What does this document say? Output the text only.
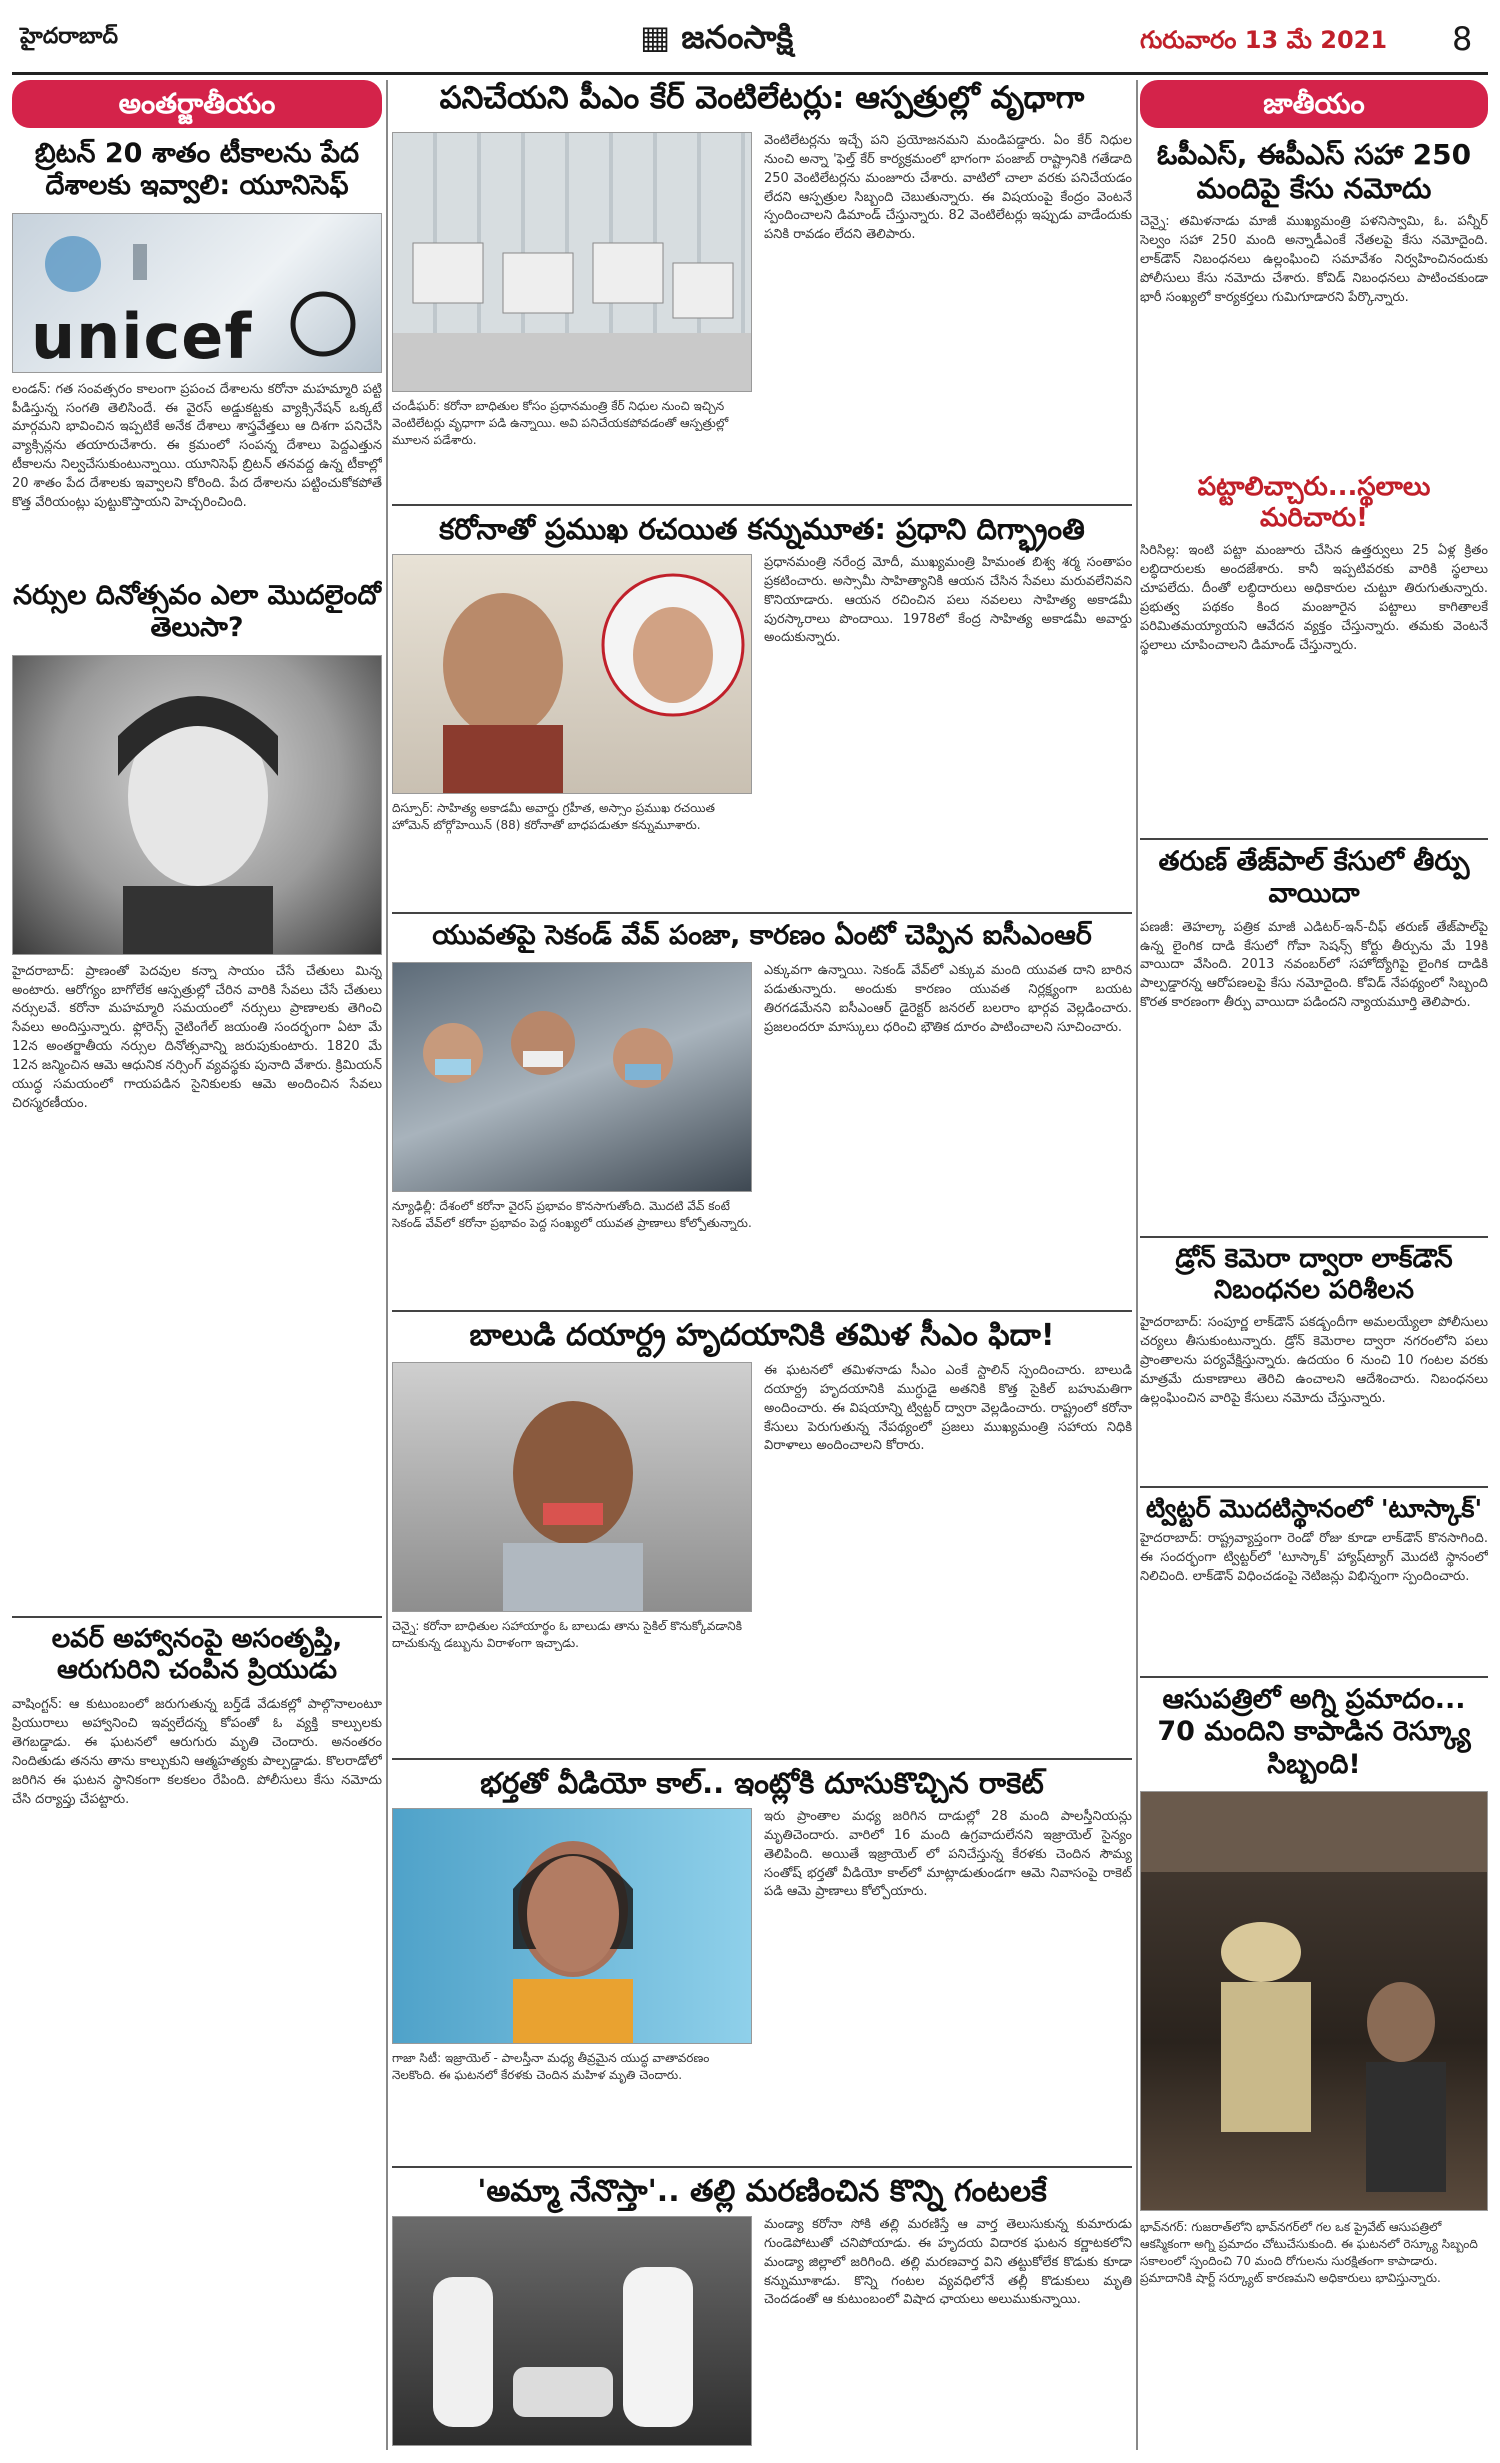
హైదరాబాద్	▦ జనంసాక్షి	గురువారం 13 మే 2021 8
అంతర్జాతీయం
బ్రిటన్ 20 శాతం టీకాలను పేద దేశాలకు ఇవ్వాలి: యూనిసెఫ్
unicef
లండన్‌: గత సంవత్సరం కాలంగా ప్రపంచ దేశాలను కరోనా మహమ్మారి పట్టి పీడిస్తున్న సంగతి తెలిసిందే. ఈ వైరస్‌ అడ్డుకట్టకు వ్యాక్సినేషన్‌ ఒక్కటే మార్గమని భావించిన ఇప్పటికే అనేక దేశాలు శాస్త్రవేత్తలు ఆ దిశగా పనిచేసి వ్యాక్సిన్లను తయారుచేశారు. ఈ క్రమంలో సంపన్న దేశాలు పెద్దఎత్తున టీకాలను నిల్వచేసుకుంటున్నాయి. యూనిసెఫ్‌ బ్రిటన్‌ తనవద్ద ఉన్న టీకాల్లో 20 శాతం పేద దేశాలకు ఇవ్వాలని కోరింది. పేద దేశాలను పట్టించుకోకపోతే కొత్త వేరియంట్లు పుట్టుకొస్తాయని హెచ్చరించింది.
నర్సుల దినోత్సవం ఎలా మొదలైందో తెలుసా?
హైదరాబాద్‌: ప్రాణంతో పెదవుల కన్నా సాయం చేసే చేతులు మిన్న అంటారు. ఆరోగ్యం బాగోలేక ఆస్పత్రుల్లో చేరిన వారికి సేవలు చేసే చేతులు నర్సులవే. కరోనా మహమ్మారి సమయంలో నర్సులు ప్రాణాలకు తెగించి సేవలు అందిస్తున్నారు. ఫ్లోరెన్స్‌ నైటింగేల్‌ జయంతి సందర్భంగా ఏటా మే 12న అంతర్జాతీయ నర్సుల దినోత్సవాన్ని జరుపుకుంటారు. 1820 మే 12న జన్మించిన ఆమె ఆధునిక నర్సింగ్‌ వ్యవస్థకు పునాది వేశారు. క్రిమియన్‌ యుద్ధ సమయంలో గాయపడిన సైనికులకు ఆమె అందించిన సేవలు చిరస్మరణీయం.
లవర్ అహ్వానంపై అసంతృప్తి, ఆరుగురిని చంపిన ప్రియుడు
వాషింగ్టన్‌: ఆ కుటుంబంలో జరుగుతున్న బర్త్‌డే వేడుకల్లో పాల్గొనాలంటూ ప్రియురాలు అహ్వానించి ఇవ్వలేదన్న కోపంతో ఓ వ్యక్తి కాల్పులకు తెగబడ్డాడు. ఈ ఘటనలో ఆరుగురు మృతి చెందారు. అనంతరం నిందితుడు తనను తాను కాల్చుకుని ఆత్మహత్యకు పాల్పడ్డాడు. కొలరాడోలో జరిగిన ఈ ఘటన స్థానికంగా కలకలం రేపింది. పోలీసులు కేసు నమోదు చేసి దర్యాప్తు చేపట్టారు.
పనిచేయని పీఎం కేర్ వెంటిలేటర్లు: ఆస్పత్రుల్లో వృధాగా
చండీఘర్‌: కరోనా బాధితుల కోసం ప్రధానమంత్రి కేర్ నిధుల నుంచి ఇచ్చిన వెంటిలేటర్లు వృధాగా పడి ఉన్నాయి. అవి పనిచేయకపోవడంతో ఆస్పత్రుల్లో మూలన పడేశారు.
వెంటిలేటర్లను ఇచ్చే పని ప్రయోజనమని మండిపడ్డారు. ఏం కేర్ నిధుల నుంచి అన్నా 'ఫెల్త్ కేర్ కార్యక్రమంలో భాగంగా పంజాబ్ రాష్ట్రానికి గతేడాది 250 వెంటిలేటర్లను మంజూరు చేశారు. వాటిలో చాలా వరకు పనిచేయడం లేదని ఆస్పత్రుల సిబ్బంది చెబుతున్నారు. ఈ విషయంపై కేంద్రం వెంటనే స్పందించాలని డిమాండ్‌ చేస్తున్నారు. 82 వెంటిలేటర్లు ఇప్పుడు వాడేందుకు పనికి రావడం లేదని తెలిపారు.
కరోనాతో ప్రముఖ రచయిత కన్నుమూత: ప్రధాని దిగ్భ్రాంతి
దిస్పూర్‌: సాహిత్య అకాడమీ అవార్డు గ్రహీత, అస్సాం ప్రముఖ రచయిత హోమెన్ బోర్గోహెయిన్ (88) కరోనాతో బాధపడుతూ కన్నుమూశారు.
ప్రధానమంత్రి నరేంద్ర మోదీ, ముఖ్యమంత్రి హిమంత బిశ్వ శర్మ సంతాపం ప్రకటించారు. అస్సామీ సాహిత్యానికి ఆయన చేసిన సేవలు మరువలేనివని కొనియాడారు. ఆయన రచించిన పలు నవలలు సాహిత్య అకాడమీ పురస్కారాలు పొందాయి. 1978లో కేంద్ర సాహిత్య అకాడమీ అవార్డు అందుకున్నారు.
యువతపై సెకండ్ వేవ్ పంజా, కారణం ఏంటో చెప్పిన ఐసీఎంఆర్
న్యూఢిల్లీ: దేశంలో కరోనా వైరస్ ప్రభావం కొనసాగుతోంది. మొదటి వేవ్ కంటే సెకండ్ వేవ్‌లో కరోనా ప్రభావం పెద్ద సంఖ్యలో యువత ప్రాణాలు కోల్పోతున్నారు.
ఎక్కువగా ఉన్నాయి. సెకండ్ వేవ్‌లో ఎక్కువ మంది యువత దాని బారిన పడుతున్నారు. అందుకు కారణం యువత నిర్లక్ష్యంగా బయట తిరగడమేనని ఐసీఎంఆర్ డైరెక్టర్ జనరల్ బలరాం భార్గవ వెల్లడించారు. ప్రజలందరూ మాస్కులు ధరించి భౌతిక దూరం పాటించాలని సూచించారు.
బాలుడి దయార్ద్ర హృదయానికి తమిళ సీఎం ఫిదా!
చెన్నై: కరోనా బాధితుల సహాయార్థం ఓ బాలుడు తాను సైకిల్ కొనుక్కోవడానికి దాచుకున్న డబ్బును విరాళంగా ఇచ్చాడు.
ఈ ఘటనలో తమిళనాడు సీఎం ఎంకే స్టాలిన్ స్పందించారు. బాలుడి దయార్ద్ర హృదయానికి ముగ్ధుడై అతనికి కొత్త సైకిల్ బహుమతిగా అందించారు. ఈ విషయాన్ని ట్విట్టర్ ద్వారా వెల్లడించారు. రాష్ట్రంలో కరోనా కేసులు పెరుగుతున్న నేపథ్యంలో ప్రజలు ముఖ్యమంత్రి సహాయ నిధికి విరాళాలు అందించాలని కోరారు.
భర్తతో వీడియో కాల్.. ఇంట్లోకి దూసుకొచ్చిన రాకెట్
గాజా సిటీ: ఇజ్రాయెల్ - పాలస్తీనా మధ్య తీవ్రమైన యుద్ధ వాతావరణం నెలకొంది. ఈ ఘటనలో కేరళకు చెందిన మహిళ మృతి చెందారు.
ఇరు ప్రాంతాల మధ్య జరిగిన దాడుల్లో 28 మంది పాలస్తీనియన్లు మృతిచెందారు. వారిలో 16 మంది ఉగ్రవాదులేనని ఇజ్రాయెల్ సైన్యం తెలిపింది. అయితే ఇజ్రాయెల్ లో పనిచేస్తున్న కేరళకు చెందిన సౌమ్య సంతోష్ భర్తతో వీడియో కాల్‌లో మాట్లాడుతుండగా ఆమె నివాసంపై రాకెట్ పడి ఆమె ప్రాణాలు కోల్పోయారు.
'అమ్మా నేనొస్తా'.. తల్లి మరణించిన కొన్ని గంటలకే
మండ్యా కరోనా సోకి తల్లి మరణిస్తే ఆ వార్త తెలుసుకున్న కుమారుడు గుండెపోటుతో చనిపోయాడు. ఈ హృదయ విదారక ఘటన కర్ణాటకలోని మండ్యా జిల్లాలో జరిగింది. తల్లి మరణవార్త విని తట్టుకోలేక కొడుకు కూడా కన్నుమూశాడు. కొన్ని గంటల వ్యవధిలోనే తల్లీ కొడుకులు మృతి చెందడంతో ఆ కుటుంబంలో విషాద ఛాయలు అలుముకున్నాయి.
జాతీయం
ఓపీఎస్, ఈపీఎస్ సహా 250 మందిపై కేసు నమోదు
చెన్నై: తమిళనాడు మాజీ ముఖ్యమంత్రి పళనిస్వామి, ఓ. పన్నీర్ సెల్వం సహా 250 మంది అన్నాడీఎంకే నేతలపై కేసు నమోదైంది. లాక్‌డౌన్ నిబంధనలు ఉల్లంఘించి సమావేశం నిర్వహించినందుకు పోలీసులు కేసు నమోదు చేశారు. కోవిడ్ నిబంధనలు పాటించకుండా భారీ సంఖ్యలో కార్యకర్తలు గుమిగూడారని పేర్కొన్నారు.
పట్టాలిచ్చారు...స్థలాలు మరిచారు!
సిరిసిల్ల: ఇంటి పట్టా మంజూరు చేసిన ఉత్తర్వులు 25 ఏళ్ల క్రితం లబ్ధిదారులకు అందజేశారు. కానీ ఇప్పటివరకు వారికి స్థలాలు చూపలేదు. దీంతో లబ్ధిదారులు అధికారుల చుట్టూ తిరుగుతున్నారు. ప్రభుత్వ పథకం కింద మంజూరైన పట్టాలు కాగితాలకే పరిమితమయ్యాయని ఆవేదన వ్యక్తం చేస్తున్నారు. తమకు వెంటనే స్థలాలు చూపించాలని డిమాండ్ చేస్తున్నారు.
తరుణ్ తేజ్‌పాల్ కేసులో తీర్పు వాయిదా
పణజీ: తెహల్కా పత్రిక మాజీ ఎడిటర్-ఇన్-చీఫ్ తరుణ్ తేజ్‌పాల్‌పై ఉన్న లైంగిక దాడి కేసులో గోవా సెషన్స్ కోర్టు తీర్పును మే 19కి వాయిదా వేసింది. 2013 నవంబర్‌లో సహోద్యోగిపై లైంగిక దాడికి పాల్పడ్డారన్న ఆరోపణలపై కేసు నమోదైంది. కోవిడ్ నేపథ్యంలో సిబ్బంది కొరత కారణంగా తీర్పు వాయిదా పడిందని న్యాయమూర్తి తెలిపారు.
డ్రోన్ కెమెరా ద్వారా లాక్‌డౌన్ నిబంధనల పరిశీలన
హైదరాబాద్: సంపూర్ణ లాక్‌డౌన్ పకడ్బందీగా అమలయ్యేలా పోలీసులు చర్యలు తీసుకుంటున్నారు. డ్రోన్ కెమెరాల ద్వారా నగరంలోని పలు ప్రాంతాలను పర్యవేక్షిస్తున్నారు. ఉదయం 6 నుంచి 10 గంటల వరకు మాత్రమే దుకాణాలు తెరిచి ఉంచాలని ఆదేశించారు. నిబంధనలు ఉల్లంఘించిన వారిపై కేసులు నమోదు చేస్తున్నారు.
ట్విట్టర్ మొదటిస్థానంలో 'టూస్కాక్'
హైదరాబాద్: రాష్ట్రవ్యాప్తంగా రెండో రోజు కూడా లాక్‌డౌన్ కొనసాగింది. ఈ సందర్భంగా ట్విట్టర్‌లో 'టూస్కాక్' హ్యాష్‌ట్యాగ్ మొదటి స్థానంలో నిలిచింది. లాక్‌డౌన్ విధించడంపై నెటిజన్లు విభిన్నంగా స్పందించారు.
ఆసుపత్రిలో అగ్ని ప్రమాదం... 70 మందిని కాపాడిన రెస్క్యూ సిబ్బంది!
భావ్‌నగర్: గుజరాత్‌లోని భావ్‌నగర్‌లో గల ఒక ప్రైవేట్ ఆసుపత్రిలో ఆకస్మికంగా అగ్ని ప్రమాదం చోటుచేసుకుంది. ఈ ఘటనలో రెస్క్యూ సిబ్బంది సకాలంలో స్పందించి 70 మంది రోగులను సురక్షితంగా కాపాడారు. ప్రమాదానికి షార్ట్ సర్క్యూట్ కారణమని అధికారులు భావిస్తున్నారు.
